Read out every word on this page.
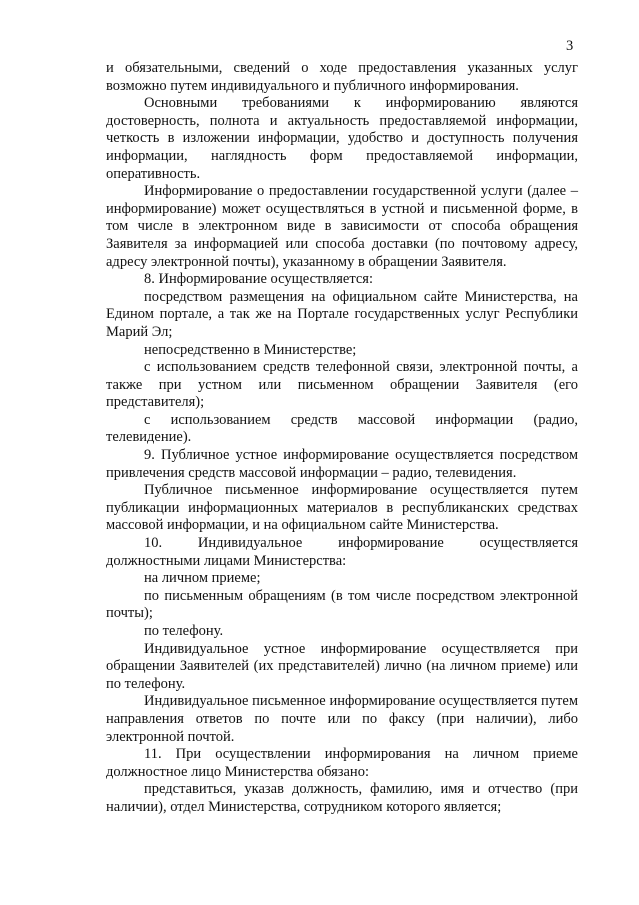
3

и обязательными, сведений о ходе предоставления указанных услуг возможно путем индивидуального и публичного информирования.

Основными требованиями к информированию являются достоверность, полнота и актуальность предоставляемой информации, четкость в изложении информации, удобство и доступность получения информации, наглядность форм предоставляемой информации, оперативность.

Информирование о предоставлении государственной услуги (далее – информирование) может осуществляться в устной и письменной форме, в том числе в электронном виде в зависимости от способа обращения Заявителя за информацией или способа доставки (по почтовому адресу, адресу электронной почты), указанному в обращении Заявителя.

8. Информирование осуществляется:

посредством размещения на официальном сайте Министерства, на Едином портале, а так же на Портале государственных услуг Республики Марий Эл;

непосредственно в Министерстве;

с использованием средств телефонной связи, электронной почты, а также при устном или письменном обращении Заявителя (его представителя);

с использованием средств массовой информации (радио, телевидение).

9. Публичное устное информирование осуществляется посредством привлечения средств массовой информации – радио, телевидения.

Публичное письменное информирование осуществляется путем публикации информационных материалов в республиканских средствах массовой информации, и на официальном сайте Министерства.

10. Индивидуальное информирование осуществляется должностными лицами Министерства:

на личном приеме;

по письменным обращениям (в том числе посредством электронной почты);

по телефону.

Индивидуальное устное информирование осуществляется при обращении Заявителей (их представителей) лично (на личном приеме) или по телефону.

Индивидуальное письменное информирование осуществляется путем направления ответов по почте или по факсу (при наличии), либо электронной почтой.

11. При осуществлении информирования на личном приеме должностное лицо Министерства обязано:

представиться, указав должность, фамилию, имя и отчество (при наличии), отдел Министерства, сотрудником которого является;
